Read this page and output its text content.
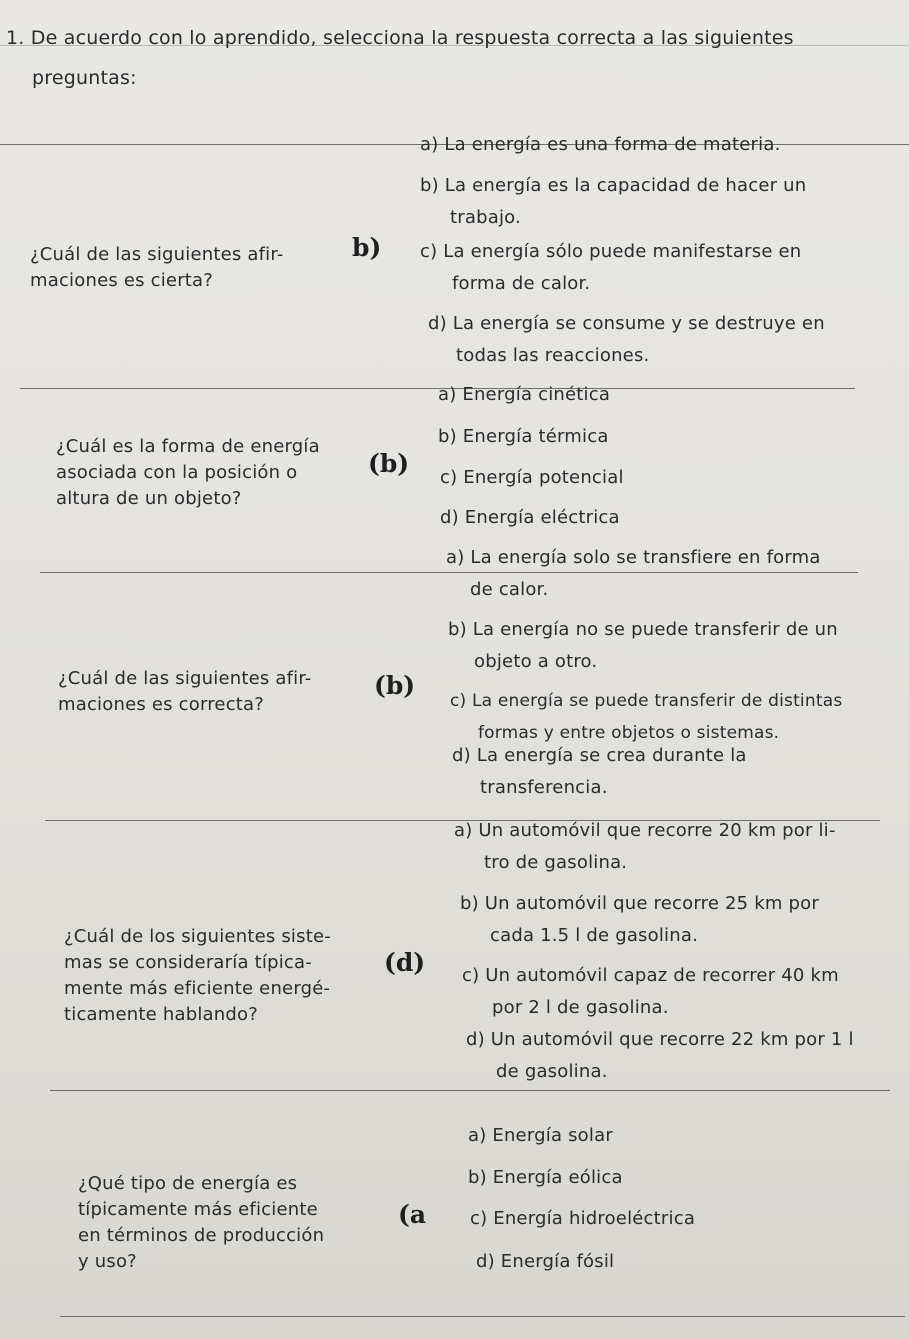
1. De acuerdo con lo aprendido, selecciona la respuesta correcta a las siguientes
preguntas:
¿Cuál de las siguientes afir-
maciones es cierta?
b)
a) La energía es una forma de materia.
b) La energía es la capacidad de hacer un
trabajo.
c) La energía sólo puede manifestarse en
forma de calor.
d) La energía se consume y se destruye en
todas las reacciones.
¿Cuál es la forma de energía
asociada con la posición o
altura de un objeto?
(b)
a) Energía cinética
b) Energía térmica
c) Energía potencial
d) Energía eléctrica
¿Cuál de las siguientes afir-
maciones es correcta?
(b)
a) La energía solo se transfiere en forma
de calor.
b) La energía no se puede transferir de un
objeto a otro.
c) La energía se puede transferir de distintas
formas y entre objetos o sistemas.
d) La energía se crea durante la
transferencia.
¿Cuál de los siguientes siste-
mas se consideraría típica-
mente más eficiente energé-
ticamente hablando?
(d)
a) Un automóvil que recorre 20 km por li-
tro de gasolina.
b) Un automóvil que recorre 25 km por
cada 1.5 l de gasolina.
c) Un automóvil capaz de recorrer 40 km
por 2 l de gasolina.
d) Un automóvil que recorre 22 km por 1 l
de gasolina.
¿Qué tipo de energía es
típicamente más eficiente
en términos de producción
y uso?
(a
a) Energía solar
b) Energía eólica
c) Energía hidroeléctrica
d) Energía fósil
